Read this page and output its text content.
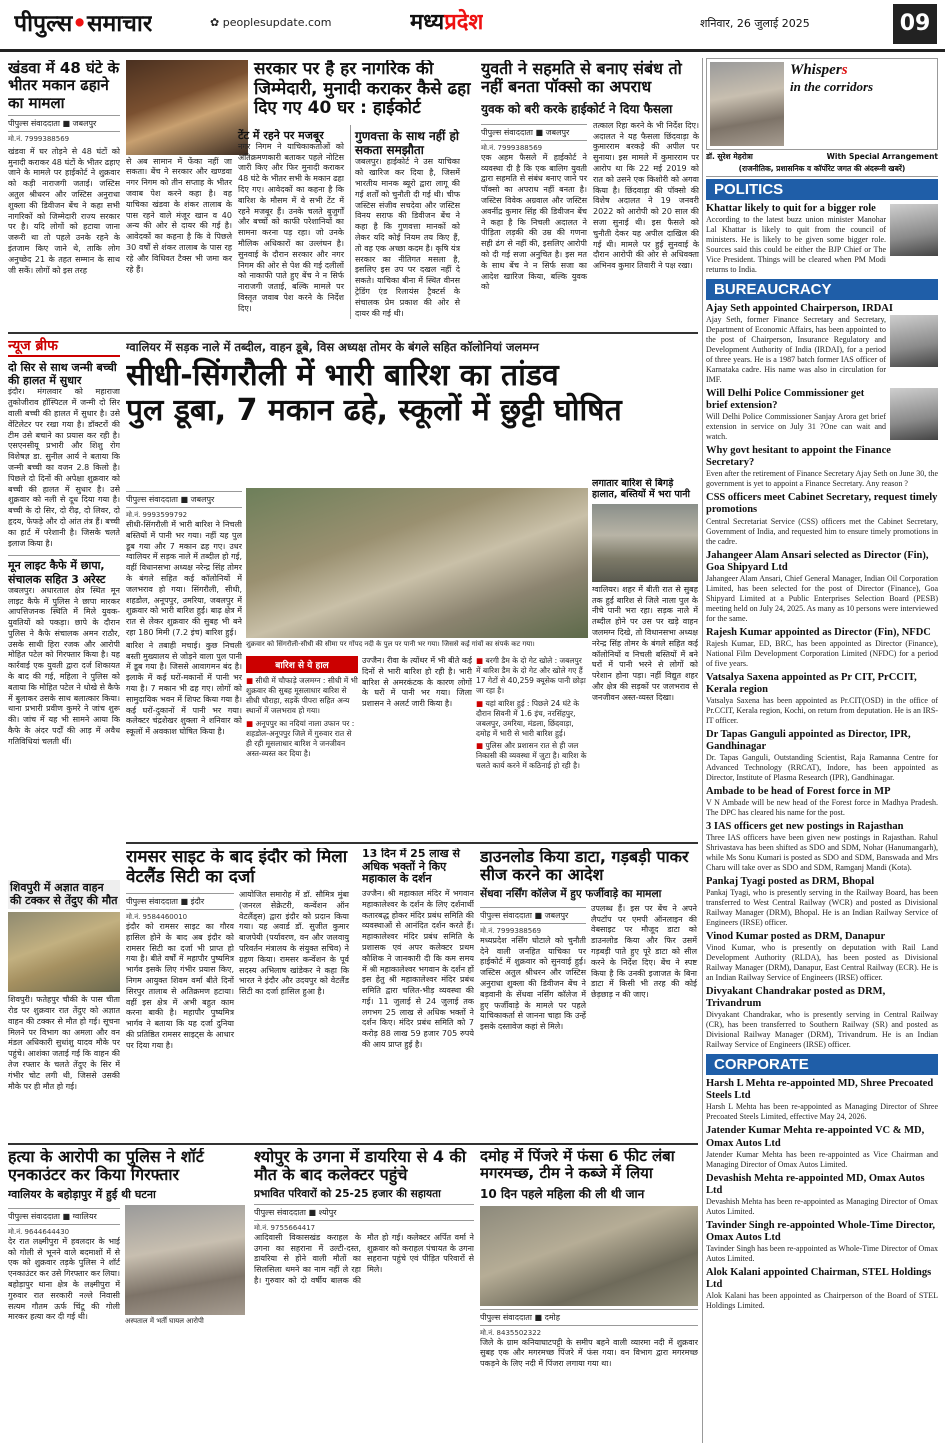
पीपुल्स•समाचार	✿ peoplesupdate.com	मध्यप्रदेश	शनिवार, 26 जुलाई 2025	09
खंडवा में 48 घंटे के भीतर मकान ढहाने का मामला
पीपुल्स संवाददाता ■ जबलपुर
मो.नं. 7999388569
खंडवा में घर तोड़ने से 48 घंटों को मुनादी कराकर 48 घंटों के भीतर ढहाए जाने के मामले पर हाईकोर्ट ने शुक्रवार को कड़ी नाराजगी जताई। जस्टिस अतुल श्रीधरन और जस्टिस अनुराधा शुक्ला की डिवीजन बेंच ने कहा सभी नागरिकों को जिम्मेदारी राज्य सरकार पर है। यदि लोगों को हटाया जाना जरूरी था तो पहले उनके रहने के इंतजाम किए जाने थे, ताकि लोग अनुच्छेद 21 के तहत सम्मान के साथ जी सकें। लोगों को इस तरह
सरकार पर है हर नागरिक की जिम्मेदारी, मुनादी कराकर कैसे ढहा दिए गए 40 घर : हाईकोर्ट
से अब सामान में फेंका नहीं जा सकता। बेंच ने सरकार और खण्डवा नगर निगम को तीन सप्ताह के भीतर जवाब पेश करने कहा है। वह याचिका खंडवा के शंकर तालाब के पास रहने वाले मंजूर खान व 40 अन्य की ओर से दायर की गई है। आवेदकों का कहना है कि वे पिछले 30 वर्षों से शंकर तालाब के पास रह रहे और विधिवत टैक्स भी जमा कर रहे हैं।
टेंट में रहने पर मजबूर
नगर निगम ने याचिकाकर्ताओं को अतिक्रमणकारी बताकर पहले नोटिस जारी किए और फिर मुनादी कराकर 48 घंटे के भीतर सभी के मकान ढहा दिए गए। आवेदकों का कहना है कि बारिश के मौसम में वे सभी टेंट में रहने मजबूर हैं। उनके चलते बुजुर्गों और बच्चों को काफी परेशानियों का सामना करना पड़ रहा। जो उनके मौलिक अधिकारों का उल्लंघन है। सुनवाई के दौरान सरकार और नगर निगम की ओर से पेश की गई दलीलों को नाकाफी पाते हुए बेंच ने न सिर्फ नाराजगी जताई, बल्कि मामले पर विस्तृत जवाब पेश करने के निर्देश दिए।
गुणवत्ता के साथ नहीं हो सकता समझौता
जबलपुर। हाईकोर्ट ने उस याचिका को खारिज कर दिया है, जिसमें भारतीय मानक ब्यूरो द्वारा लागू की गई शर्तों को चुनौती दी गई थी। चीफ जस्टिस संजीव सचदेवा और जस्टिस विनय सराफ की डिवीजन बेंच ने कहा है कि गुणवत्ता मानकों को लेकर यदि कोई नियम तय किए हैं, तो वह एक अच्छा कदम है। कृषि यंत्र सरकार का नीतिगत मसला है, इसलिए इस उप पर दखल नहीं दे सकते। याचिका बीना में स्थित वीनस ट्रेडिंग एंड रिलायंस ट्रैक्टर्स के संचालक प्रेम प्रकाश की ओर से दायर की गई थी।
युवती ने सहमति से बनाए संबंध तो नहीं बनता पॉक्सो का अपराध
युवक को बरी करके हाईकोर्ट ने दिया फैसला
पीपुल्स संवाददाता ■ जबलपुर
मो.नं. 7999388569
एक अहम फैसले में हाईकोर्ट ने व्यवस्था दी है कि एक बालिग युवती द्वारा सहमति से संबंध बनाए जाने पर पॉक्सो का अपराध नहीं बनता है। जस्टिस विवेक अग्रवाल और जस्टिस अवनींद्र कुमार सिंह की डिवीजन बेंच ने कहा है कि निचली अदालत ने पीड़िता लड़की की उम्र की गणना सही ढंग से नहीं की, इसलिए आरोपी को दी गई सजा अनुचित है। इस मत के साथ बेंच ने न सिर्फ सजा का आदेश खारिज किया, बल्कि युवक को
तत्काल रिहा करने के भी निर्देश दिए। अदालत ने यह फैसला छिंदवाड़ा के कुमारराम बरकड़े की अपील पर सुनाया। इस मामले में कुमारराम पर आरोप था कि 22 मई 2019 को रात को उसने एक किशोरी को अगवा किया है। छिंदवाड़ा की पॉक्सो की विशेष अदालत ने 19 जनवरी 2022 को आरोपी को 20 साल की सजा सुनाई थी। इस फैसले को चुनौती देकर यह अपील दाखिल की गई थी। मामले पर हुई सुनवाई के दौरान आरोपी की ओर से अधिवक्ता अभिनव कुमार तिवारी ने पक्ष रखा।
न्यूज ब्रीफ
दो सिर से साथ जन्मी बच्ची की हालत में सुधार
इंदौर। मंगलवार को महाराजा तुकोजीराव हॉस्पिटल में जन्मी दो सिर वाली बच्ची की हालत में सुधार है। उसे वेंटिलेटर पर रखा गया है। डॉक्टरों की टीम उसे बचाने का प्रयास कर रही है। एसएनसीयू प्रभारी और शिशु रोग विशेषज्ञ डा. सुनील आर्य ने बताया कि जन्मी बच्ची का वजन 2.8 किलो है। पिछले दो दिनों की अपेक्षा शुक्रवार को बच्ची की हालत में सुधार है। उसे शुक्रवार को नली से दूध दिया गया है। बच्ची के दो सिर, दो रीढ़, दो लिवर, दो हृदय, फेफड़े और दो आंत तंत्र हैं। बच्ची का हार्ट में परेशानी है। जिसके चलते इलाज किया है।
मून लाइट कैफे में छापा, संचालक सहित 3 अरेस्ट
जबलपुर। अधारताल क्षेत्र स्थित मून लाइट कैफे में पुलिस ने छापा मारकर आपत्तिजनक स्थिति में मिले युवक-युवतियों को पकड़ा। छापे के दौरान पुलिस ने कैफे संचालक अमन राठौर, उसके साथी हिरा रजक और आरोपी मोहित पटेल को गिरफ्तार किया है। यह कार्रवाई एक युवती द्वारा दर्ज शिकायत के बाद की गई, महिला ने पुलिस को बताया कि मोहित पटेल ने धोखे से कैफे में बुलाकर उसके साथ बलात्कार किया। थाना प्रभारी प्रवीण कुमरे ने जांच शुरू की। जांच में यह भी सामने आया कि कैफे के अंदर पर्दों की आड़ में अवैध गतिविधियां चलती थीं।
ग्वालियर में सड़क नाले में तब्दील, वाहन डूबे, विस अध्यक्ष तोमर के बंगले सहित कॉलोनियां जलमग्न
सीधी-सिंगरौली में भारी बारिश का तांडव
पुल डूबा, 7 मकान ढहे, स्कूलों में छुट्टी घोषित
शुक्रवार को सिंगरौली-सीधी की सीमा पर गोंपद नदी के पुल पर पानी भर गया। जिससे कई गांवों का संपर्क कट गया।
पीपुल्स संवाददाता ■ जबलपुर
मो.नं. 9993599792
सीधी-सिंगरौली में भारी बारिश ने निचली बस्तियों में पानी भर गया। नहीं यह पुल डूब गया और 7 मकान ढह गए। उधर ग्वालियर में सड़क नाले में तब्दील हो गई, वहीं विधानसभा अध्यक्ष नरेन्द्र सिंह तोमर के बंगले सहित कई कॉलोनियों में जलभराव हो गया। सिंगरौली, सीधी, शहडोल, अनूपपुर, उमरिया, जबलपुर में शुक्रवार को भारी बारिश हुई। बाढ़ क्षेत्र में रात से लेकर शुक्रवार की सुबह भी बने रहा 180 मिमी (7.2 इंच) बारिश हुई।
बारिश ने तबाही मचाई। कुछ निचली बस्ती मुख्यालय से जोड़ने वाला पुल पानी में डूब गया है। जिससे आवागमन बंद है। इलाके में कई घरों-मकानों में पानी भर गया है। 7 मकान भी ढह गए। लोगों को सामुदायिक भवन में शिफ्ट किया गया है। कई घरों-दुकानों में पानी भर गया। कलेक्टर चंद्रशेखर शुक्ला ने शनिवार को स्कूलों में अवकाश घोषित किया है।
बारिश से ये हाल
■ सीधी में चौफाड़े जलमग्न : सीधी में भी शुक्रवार की सुबह मूसलाधार बारिश से सीधी चौराहा, सड़कें पीपरा सहित अन्य स्थानों में जलभराव हो गया।
■ अनूपपुर का नदियां नाला उफान पर : शहडोल-अनूपपुर जिले में गुरुवार रात से ही रही मूसलाधार बारिश ने जनजीवन अस्त-व्यस्त कर दिया है।
उज्जैन। रीवा के त्योंथर में भी बीते कई दिनों से भारी बारिश हो रही है। भारी बारिश से अमरकंटक के कारण लोगों के घरों में पानी भर गया। जिला प्रशासन ने अलर्ट जारी किया है।
■ बरगी डैम के दो गेट खोले : जबलपुर में बारिश डैम के दो गेट और खोले गए हैं 17 गेटों से 40,259 क्यूसेक पानी छोड़ा जा रहा है।
■ यहां बारिश हुई : पिछले 24 घंटे के दौरान सिवनी में 1.6 इंच, नरसिंहपुर, जबलपुर, उमरिया, मंडला, छिंदवाड़ा, दमोह में भारी से भारी बारिश हुई।
■ पुलिस और प्रशासन रात से ही जल निकासी की व्यवस्था में जुटा है। बारिश के चलते कार्य करने में कठिनाई हो रही है।
लगातार बारिश से बिगड़े हालात, बस्तियों में भरा पानी
ग्वालियर। शहर में बीती रात से सुबह तक हुई बारिश से जिले नाला पुल के नीचे पानी भरा रहा। सड़क नाले में तब्दील होने पर उस पर खड़े वाहन जलमग्न दिखे, तो विधानसभा अध्यक्ष नरेन्द्र सिंह तोमर के बंगले सहित कई कॉलोनियों व निचली बस्तियों में बने घरों में पानी भरने से लोगों को परेशान होना पड़ा। नहीं विद्युत शहर और क्षेत्र की सड़कों पर जलभराव से जनजीवन अस्त-व्यस्त दिखा।
शिवपुरी में अज्ञात वाहन की टक्कर से तेंदुए की मौत
शिवपुरी। फतेहपुर चौकी के पास चीता रोड पर शुक्रवार रात तेंदुए को अज्ञात वाहन की टक्कर से मौत हो गई। सूचना मिलने पर विभाग का अमला और वन मंडल अधिकारी सुधांशु यादव मौके पर पहुंचे। आशंका जताई गई कि वाहन की तेज रफ्तार के चलते तेंदुए के सिर में गंभीर चोट लगी थी, जिससे उसकी मौके पर ही मौत हो गई।
रामसर साइट के बाद इंदौर को मिला वेटलैंड सिटी का दर्जा
पीपुल्स संवाददाता ■ इंदौर
मो.नं. 9584460010
इंदौर को रामसर साइट का गौरव हासिल होने के बाद अब इंदौर को रामसर सिटी का दर्जा भी प्राप्त हो गया है। बीते वर्षों में महापौर पुष्यमित्र भार्गव इसके लिए गंभीर प्रयास किए, निगम आयुक्त शिवम वर्मा बीते दिनों सिरपुर तालाब से अतिक्रमण हटाया। वहीं इस क्षेत्र में अभी बहुत काम करना बाकी है। महापौर पुष्यमित्र भार्गव ने बताया कि यह दर्जा दुनिया की प्रतिष्ठित रामसर साइट्स के आधार पर दिया गया है।
आयोजित समारोह में डॉ. सौमित्र मुंबा (जनरल सेक्रेटरी, कन्वेंशन ऑन वेटलैंड्स) द्वारा इंदौर को प्रदान किया गया। यह अवार्ड डॉ. सुजीत कुमार बाजपेयी (पर्यावरण, वन और जलवायु परिवर्तन मंत्रालय के संयुक्त सचिव) ने ग्रहण किया। रामसर कन्वेंशन के पूर्व सदस्य अभिलाष खांडेकर ने कहा कि भारत ने इंदौर और उदयपुर को वेटलैंड सिटी का दर्जा हासिल हुआ है।
13 दिन में 25 लाख से अधिक भक्तों ने किए महाकाल के दर्शन
उज्जैन। श्री महाकाल मंदिर में भगवान महाकालेश्वर के दर्शन के लिए दर्शनार्थी कतारबद्ध होकर मंदिर प्रबंध समिति की व्यवस्थाओं से आनंदित दर्शन करते हैं। महाकालेश्वर मंदिर प्रबंध समिति के प्रशासक एवं अपर कलेक्टर प्रथम कौशिक ने जानकारी दी कि कम समय में श्री महाकालेश्वर भगवान के दर्शन हों इस हेतु श्री महाकालेश्वर मंदिर प्रबंध समिति द्वारा चलित-भीड़ व्यवस्था की गई। 11 जुलाई से 24 जुलाई तक लगभग 25 लाख से अधिक भक्तों ने दर्शन किए। मंदिर प्रबंध समिति को 7 करोड़ 88 लाख 59 हजार 705 रुपये की आय प्राप्त हुई है।
डाउनलोड किया डाटा, गड़बड़ी पाकर सीज करने का आदेश
सेंधवा नर्सिंग कॉलेज में हुए फर्जीवाड़े का मामला
पीपुल्स संवाददाता ■ जबलपुर
मो.नं. 7999388569
मध्यप्रदेश नर्सिंग घोटाले को चुनौती देने वाली जनहित याचिका पर हाईकोर्ट में शुक्रवार को सुनवाई हुई। जस्टिस अतुल श्रीधरन और जस्टिस अनुराधा शुक्ला की डिवीजन बेंच ने बड़वानी के सेंधवा नर्सिंग कॉलेज में हुए फर्जीवाड़े के मामले पर पहले याचिकाकर्ता से जानना चाहा कि उन्हें इसके दस्तावेज कहां से मिले।
उपलब्ध हैं। इस पर बेंच ने अपने लैपटॉप पर एमपी ऑनलाइन की वेबसाइट पर मौजूद डाटा को डाउनलोड किया और फिर उसमें गड़बड़ी पाते हुए पूरे डाटा को सील करने के निर्देश दिए। बेंच ने स्पष्ट किया है कि उनकी इजाजत के बिना डाटा में किसी भी तरह की कोई छेड़छाड़ न की जाए।
हत्या के आरोपी का पुलिस ने शॉर्ट एनकाउंटर कर किया गिरफ्तार
ग्वालियर के बहोड़ापुर में हुई थी घटना
पीपुल्स संवाददाता ■ ग्वालियर
मो.नं. 9644644430
देर रात लक्ष्मीपुरा में हवलदार के भाई को गोली से भूनने वाले बदमाशों में से एक को शुक्रवार तड़के पुलिस ने शॉर्ट एनकाउंटर कर उसे गिरफ्तार कर लिया। बहोड़ापुर थाना क्षेत्र के लक्ष्मीपुरा में गुरुवार रात सरकारी नल्ले निवासी सत्यम गौतम ऊर्फ चिंटू की गोली मारकर हत्या कर दी गई थी।	अस्पताल में भर्ती घायल आरोपी
श्योपुर के उगना में डायरिया से 4 की मौत के बाद कलेक्टर पहुंचे
प्रभावित परिवारों को 25-25 हजार की सहायता
पीपुल्स संवाददाता ■ श्योपुर
मो.नं. 9755664417
आदिवासी विकासखंड कराहल के उगना का सहराना में उल्टी-दस्त, डायरिया से होने वाली मौतों का सिलसिला थमने का नाम नहीं ले रहा है। गुरुवार को दो वर्षीय बालक की मौत हो गई। कलेक्टर अर्पित वर्मा ने शुक्रवार को कराहल पंचायत के उगना सहराना पहुंचे एवं पीड़ित परिवारों से मिले।
दमोह में पिंजरे में फंसा 6 फीट लंबा मगरमच्छ, टीम ने कब्जे में लिया
10 दिन पहले महिला की ली थी जान
पीपुल्स संवाददाता ■ दमोह
मो.नं. 8435502322
जिले के ग्राम कनियाघाटपट्टी के समीप बहने वाली व्यारमा नदी में शुक्रवार सुबह एक और मगरमच्छ पिंजरे में फंस गया। वन विभाग द्वारा मगरमच्छ पकड़ने के लिए नदी में पिंजरा लगाया गया था।
Whispers
in the corridors
डॉ. सुरेश मेहरोत्रा	With Special Arrangement
(राजनीतिक, प्रशासनिक व कॉर्पोरेट जगत की अंदरूनी खबरें)
POLITICS
Khattar likely to quit for a bigger role
According to the latest buzz union minister Manohar Lal Khattar is likely to quit from the council of ministers. He is likely to be given some bigger role. Sources said this could be either the BJP Chief or The Vice President. Things will be cleared when PM Modi returns to India.
BUREAUCRACY
Ajay Seth appointed Chairperson, IRDAI
Ajay Seth, former Finance Secretary and Secretary, Department of Economic Affairs, has been appointed to the post of Chairperson, Insurance Regulatory and Development Authority of India (IRDAI), for a period of three years. He is a 1987 batch former IAS officer of Karnataka cadre. His name was also in circulation for IMF.
Will Delhi Police Commissioner get brief extension?
Will Delhi Police Commissioner Sanjay Arora get brief extension in service on July 31 ?One can wait and watch.
Why govt hesitant to appoint the Finance Secretary?
Even after the retirement of Finance Secretary Ajay Seth on June 30, the government is yet to appoint a Finance Secretary. Any reason ?
CSS officers meet Cabinet Secretary, request timely promotions
Central Secretariat Service (CSS) officers met the Cabinet Secretary, Government of India, and requested him to ensure timely promotions in the cadre.
Jahangeer Alam Ansari selected as Director (Fin), Goa Shipyard Ltd
Jahangeer Alam Ansari, Chief General Manager, Indian Oil Corporation Limited, has been selected for the post of Director (Finance), Goa Shipyard Limited at a Public Enterprises Selection Board (PESB) meeting held on July 24, 2025. As many as 10 persons were interviewed for the same.
Rajesh Kumar appointed as Director (Fin), NFDC
Rajesh Kumar, ED, BRC, has been appointed as Director (Finance), National Film Development Corporation Limited (NFDC) for a period of five years.
Vatsalya Saxena appointed as Pr CIT, PrCCIT, Kerala region
Vatsalya Saxena has been appointed as Pr.CIT(OSD) in the office of Pr.CCIT, Kerala region, Kochi, on return from deputation. He is an IRS-IT officer.
Dr Tapas Ganguli appointed as Director, IPR, Gandhinagar
Dr. Tapas Ganguli, Outstanding Scientist, Raja Ramanna Centre for Advanced Technology (RRCAT), Indore, has been appointed as Director, Institute of Plasma Research (IPR), Gandhinagar.
Ambade to be head of Forest force in MP
V N Ambade will be new head of the Forest force in Madhya Pradesh. The DPC has cleared his name for the post.
3 IAS officers get new postings in Rajasthan
Three IAS officers have been given new postings in Rajasthan. Rahul Shrivastava has been shifted as SDO and SDM, Nohar (Hanumangarh), while Ms Sonu Kumari is posted as SDO and SDM, Banswada and Mrs Charu will take over as SDO and SDM, Ramganj Mandi (Kota).
Pankaj Tyagi posted as DRM, Bhopal
Pankaj Tyagi, who is presently serving in the Railway Board, has been transferred to West Central Railway (WCR) and posted as Divisional Railway Manager (DRM), Bhopal. He is an Indian Railway Service of Engineers (IRSE) officer.
Vinod Kumar posted as DRM, Danapur
Vinod Kumar, who is presently on deputation with Rail Land Development Authority (RLDA), has been posted as Divisional Railway Manager (DRM), Danapur, East Central Railway (ECR). He is an Indian Railway Service of Engineers (IRSE) officer.
Divyakant Chandrakar posted as DRM, Trivandrum
Divyakant Chandrakar, who is presently serving in Central Railway (CR), has been transferred to Southern Railway (SR) and posted as Divisional Railway Manager (DRM), Trivandrum. He is an Indian Railway Service of Engineers (IRSE) officer.
CORPORATE
Harsh L Mehta re-appointed MD, Shree Precoated Steels Ltd
Harsh L Mehta has been re-appointed as Managing Director of Shree Precoated Steels Limited, effective May 24, 2026.
Jatender Kumar Mehta re-appointed VC & MD, Omax Autos Ltd
Jatender Kumar Mehta has been re-appointed as Vice Chairman and Managing Director of Omax Autos Limited.
Devashish Mehta re-appointed MD, Omax Autos Ltd
Devashish Mehta has been re-appointed as Managing Director of Omax Autos Limited.
Tavinder Singh re-appointed Whole-Time Director, Omax Autos Ltd
Tavinder Singh has been re-appointed as Whole-Time Director of Omax Autos Limited.
Alok Kalani appointed Chairman, STEL Holdings Ltd
Alok Kalani has been appointed as Chairperson of the Board of STEL Holdings Limited.
